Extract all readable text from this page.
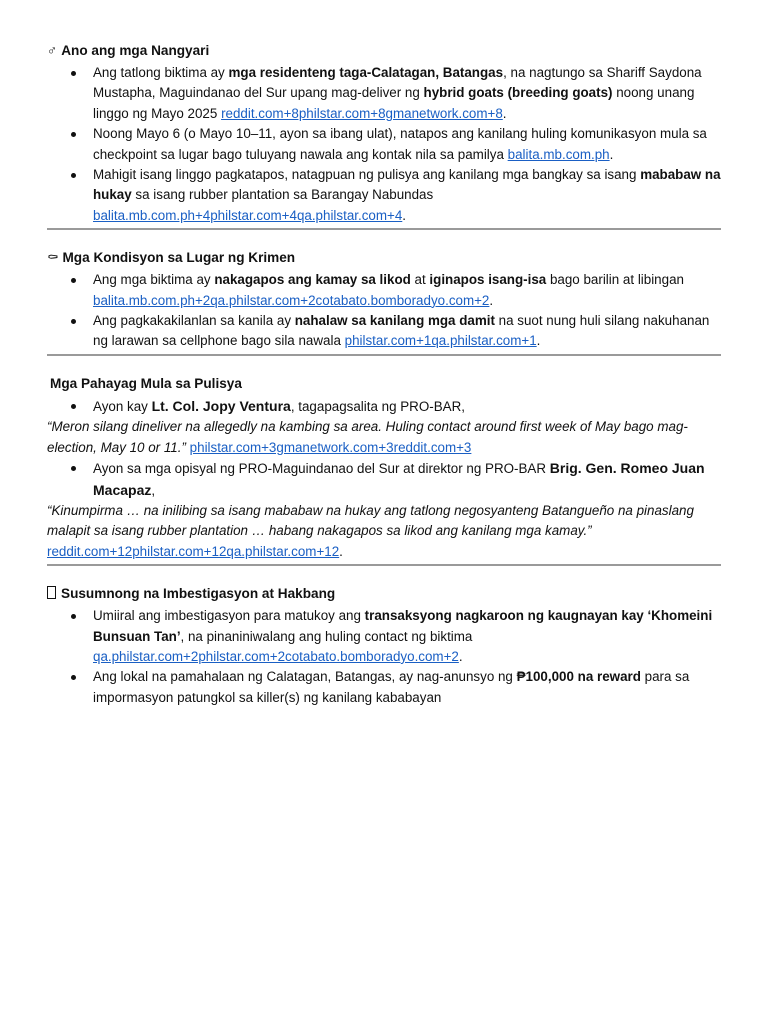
♂ Ano ang mga Nangyari
Ang tatlong biktima ay mga residenteng taga-Calatagan, Batangas, na nagtungo sa Shariff Saydona Mustapha, Maguindanao del Sur upang mag-deliver ng hybrid goats (breeding goats) noong unang linggo ng Mayo 2025 reddit.com+8philstar.com+8gmanetwork.com+8.
Noong Mayo 6 (o Mayo 10–11, ayon sa ibang ulat), natapos ang kanilang huling komunikasyon mula sa checkpoint sa lugar bago tuluyang nawala ang kontak nila sa pamilya balita.mb.com.ph.
Mahigit isang linggo pagkatapos, natagpuan ng pulisya ang kanilang mga bangkay sa isang mababaw na hukay sa isang rubber plantation sa Barangay Nabundas balita.mb.com.ph+4philstar.com+4qa.philstar.com+4.
⚰ Mga Kondisyon sa Lugar ng Krimen
Ang mga biktima ay nakagapos ang kamay sa likod at iginapos isang-isa bago barilin at libingan balita.mb.com.ph+2qa.philstar.com+2cotabato.bomboradyo.com+2.
Ang pagkakakilanlan sa kanila ay nahalaw sa kanilang mga damit na suot nung huli silang nakuhanan ng larawan sa cellphone bago sila nawala philstar.com+1qa.philstar.com+1.
Mga Pahayag Mula sa Pulisya
Ayon kay Lt. Col. Jopy Ventura, tagapagsalita ng PRO-BAR,

“Meron silang dineliver na allegedly na kambing sa area. Huling contact around first week of May bago mag-election, May 10 or 11.” philstar.com+3gmanetwork.com+3reddit.com+3

Ayon sa mga opisyal ng PRO-Maguindanao del Sur at direktor ng PRO-BAR Brig. Gen. Romeo Juan Macapaz,

“Kinumpirma … na inilibing sa isang mababaw na hukay ang tatlong negosyanteng Batangueño na pinaslang malapit sa isang rubber plantation … habang nakagapos sa likod ang kanilang mga kamay.” reddit.com+12philstar.com+12qa.philstar.com+12.

Susumnong na Imbestigasyon at Hakbang
Umiiral ang imbestigasyon para matukoy ang transaksyong nagkaroon ng kaugnayan kay ‘Khomeini Bunsuan Tan’, na pinaniniwalang ang huling contact ng biktima qa.philstar.com+2philstar.com+2cotabato.bomboradyo.com+2.
Ang lokal na pamahalaan ng Calatagan, Batangas, ay nag-anunsyo ng ₱100,000 na reward para sa impormasyon patungkol sa killer(s) ng kanilang kababayan
